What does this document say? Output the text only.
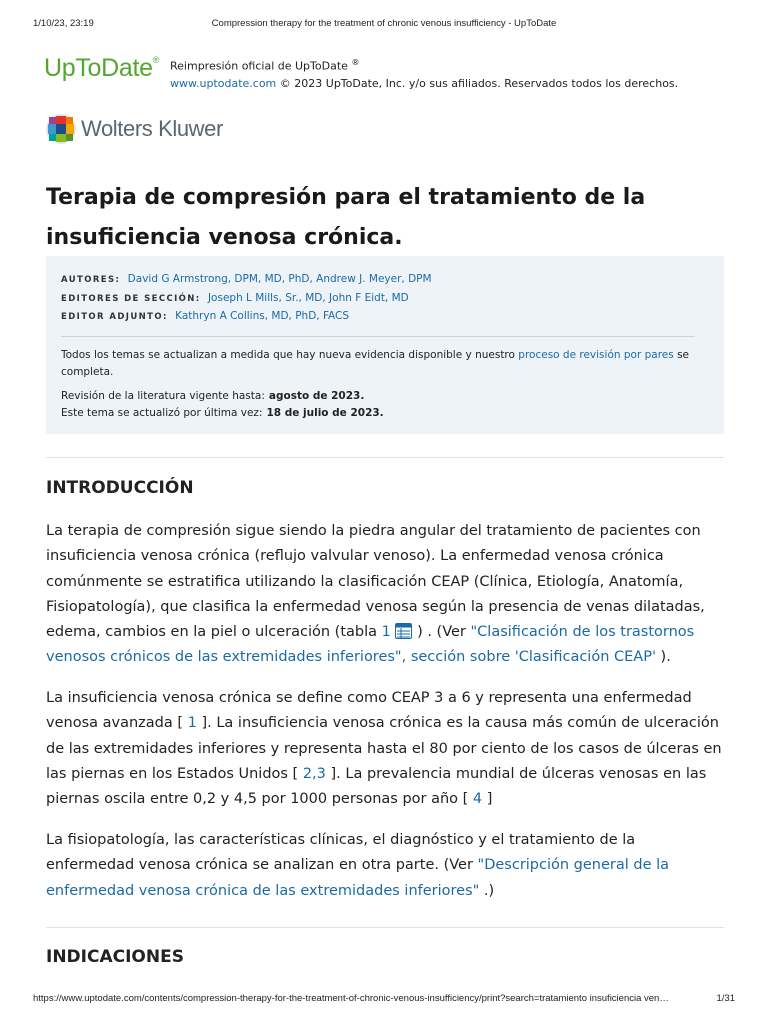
1/10/23, 23:19	Compression therapy for the treatment of chronic venous insufficiency - UpToDate
UpToDate® Reimpresión oficial de UpToDate ®
www.uptodate.com © 2023 UpToDate, Inc. y/o sus afiliados. Reservados todos los derechos.
Wolters Kluwer
Terapia de compresión para el tratamiento de la insuficiencia venosa crónica.
AUTORES: David G Armstrong, DPM, MD, PhD, Andrew J. Meyer, DPM
EDITORES DE SECCIÓN: Joseph L Mills, Sr., MD, John F Eidt, MD
EDITOR ADJUNTO: Kathryn A Collins, MD, PhD, FACS

Todos los temas se actualizan a medida que hay nueva evidencia disponible y nuestro proceso de revisión por pares se completa.

Revisión de la literatura vigente hasta: agosto de 2023.
Este tema se actualizó por última vez: 18 de julio de 2023.
INTRODUCCIÓN

La terapia de compresión sigue siendo la piedra angular del tratamiento de pacientes con insuficiencia venosa crónica (reflujo valvular venoso). La enfermedad venosa crónica comúnmente se estratifica utilizando la clasificación CEAP (Clínica, Etiología, Anatomía, Fisiopatología), que clasifica la enfermedad venosa según la presencia de venas dilatadas, edema, cambios en la piel o ulceración (tabla 1  ) . (Ver "Clasificación de los trastornos venosos crónicos de las extremidades inferiores", sección sobre 'Clasificación CEAP' ).

La insuficiencia venosa crónica se define como CEAP 3 a 6 y representa una enfermedad venosa avanzada [ 1 ]. La insuficiencia venosa crónica es la causa más común de ulceración de las extremidades inferiores y representa hasta el 80 por ciento de los casos de úlceras en las piernas en los Estados Unidos [ 2,3 ]. La prevalencia mundial de úlceras venosas en las piernas oscila entre 0,2 y 4,5 por 1000 personas por año [ 4 ]

La fisiopatología, las características clínicas, el diagnóstico y el tratamiento de la enfermedad venosa crónica se analizan en otra parte. (Ver "Descripción general de la enfermedad venosa crónica de las extremidades inferiores" .)

INDICACIONES
https://www.uptodate.com/contents/compression-therapy-for-the-treatment-of-chronic-venous-insufficiency/print?search=tratamiento insuficiencia ven…	1/31
